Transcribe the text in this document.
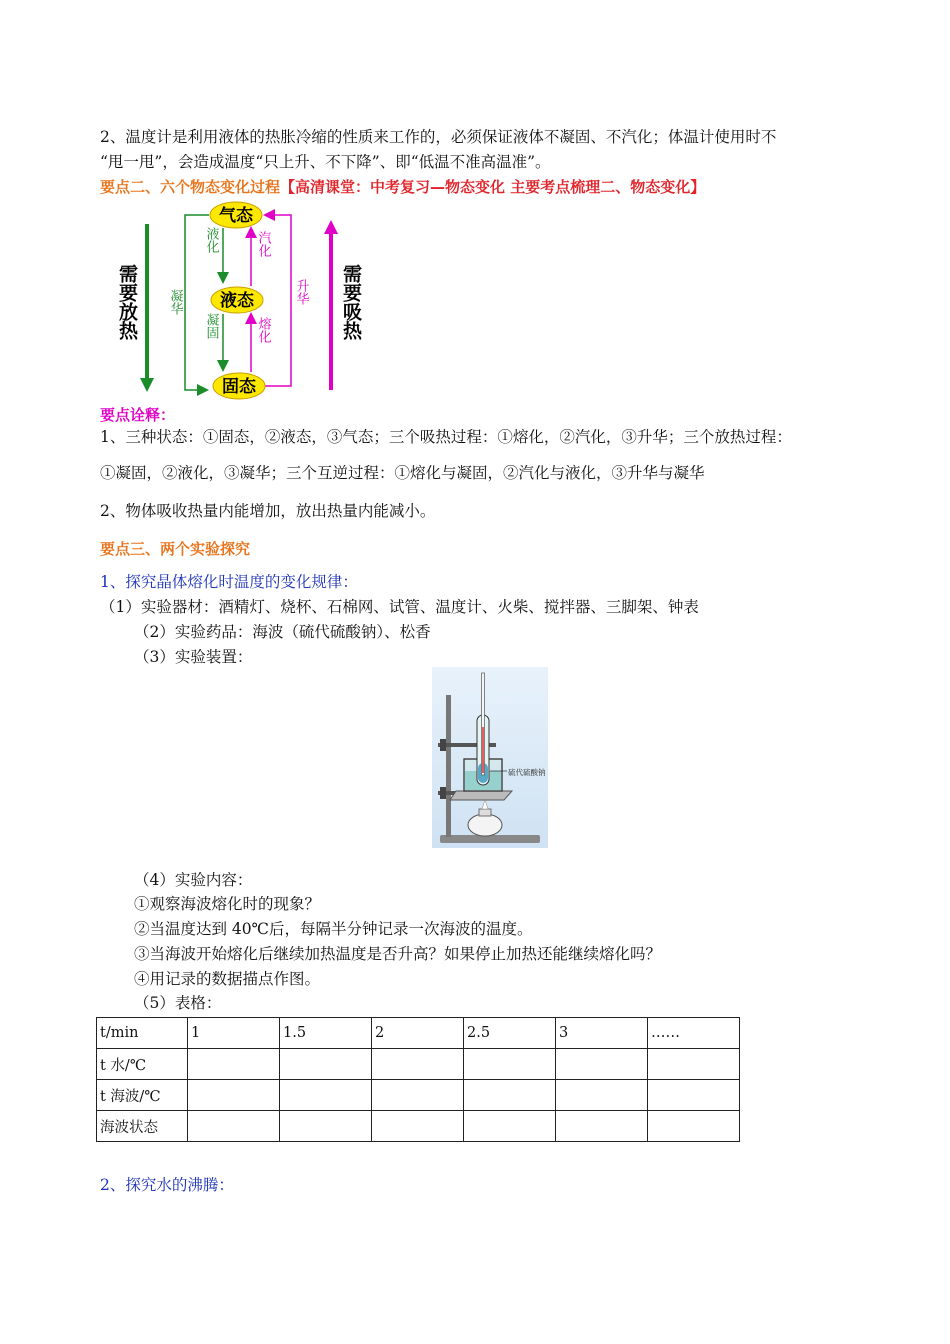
2、温度计是利用液体的热胀冷缩的性质来工作的，必须保证液体不凝固、不汽化；体温计使用时不
“甩一甩”，会造成温度“只上升、不下降”、即“低温不准高温准”。
要点二、六个物态变化过程【高清课堂：中考复习—物态变化 主要考点梳理二、物态变化】
需要放热	需要吸热
凝华	升华
液化	汽化
凝固	熔化
气态
液态
固态
要点诠释：
1、三种状态：①固态，②液态，③气态；三个吸热过程：①熔化，②汽化，③升华；三个放热过程：
①凝固，②液化，③凝华；三个互逆过程：①熔化与凝固，②汽化与液化，③升华与凝华
2、物体吸收热量内能增加，放出热量内能减小。
要点三、两个实验探究
1、探究晶体熔化时温度的变化规律：
（1）实验器材：酒精灯、烧杯、石棉网、试管、温度计、火柴、搅拌器、三脚架、钟表
（2）实验药品：海波（硫代硫酸钠）、松香
（3）实验装置：
硫代硫酸钠
（4）实验内容：
①观察海波熔化时的现象？
②当温度达到 40℃后，每隔半分钟记录一次海波的温度。
③当海波开始熔化后继续加热温度是否升高？如果停止加热还能继续熔化吗？
④用记录的数据描点作图。
（5）表格：
t/min	1	1.5	2	2.5	3	……
t 水/℃						
t 海波/℃						
海波状态						
2、探究水的沸腾：
